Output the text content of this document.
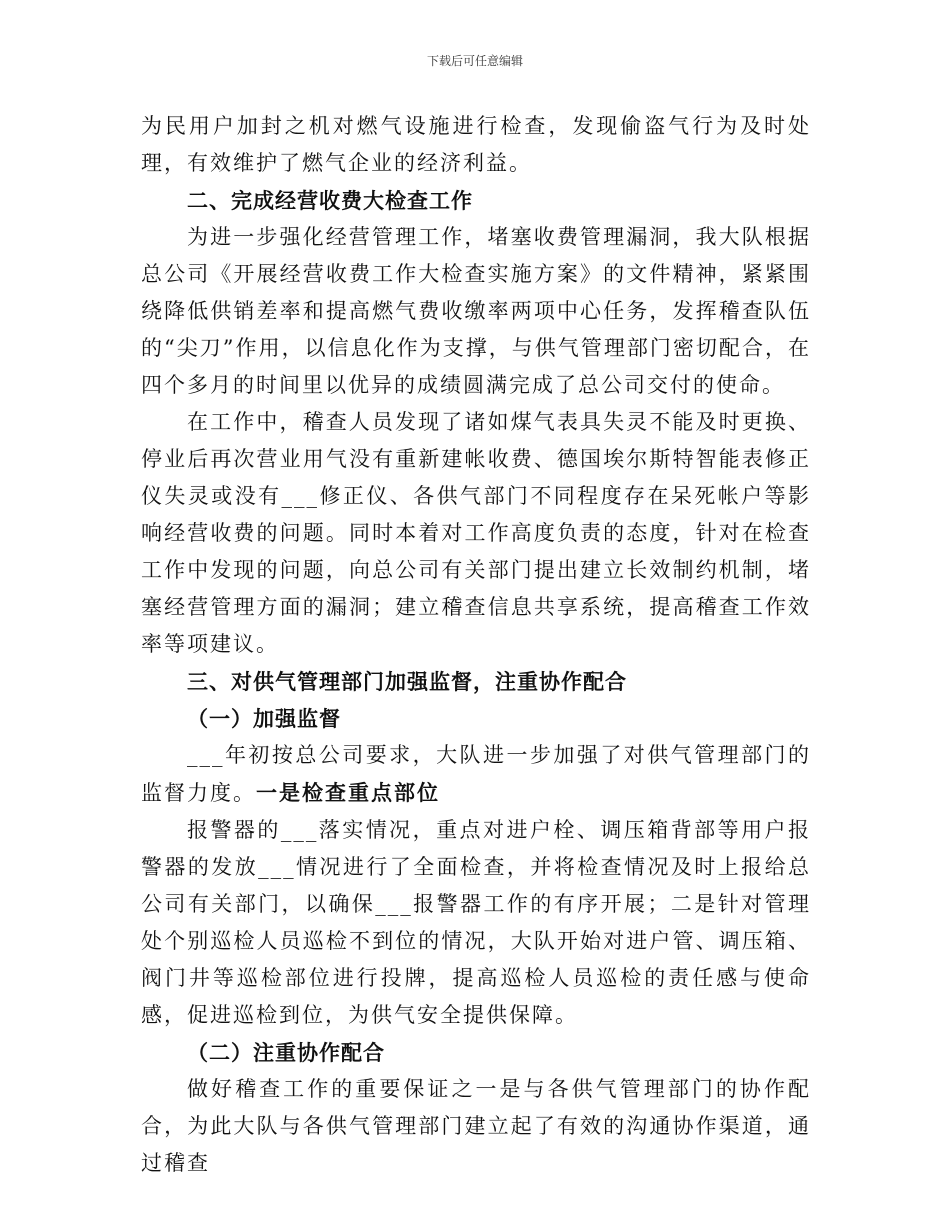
下载后可任意编辑

为民用户加封之机对燃气设施进行检查，发现偷盗气行为及时处理，有效维护了燃气企业的经济利益。

二、完成经营收费大检查工作

为进一步强化经营管理工作，堵塞收费管理漏洞，我大队根据总公司《开展经营收费工作大检查实施方案》的文件精神，紧紧围绕降低供销差率和提高燃气费收缴率两项中心任务，发挥稽查队伍的“尖刀”作用，以信息化作为支撑，与供气管理部门密切配合，在四个多月的时间里以优异的成绩圆满完成了总公司交付的使命。

在工作中，稽查人员发现了诸如煤气表具失灵不能及时更换、停业后再次营业用气没有重新建帐收费、德国埃尔斯特智能表修正仪失灵或没有___修正仪、各供气部门不同程度存在呆死帐户等影响经营收费的问题。同时本着对工作高度负责的态度，针对在检查工作中发现的问题，向总公司有关部门提出建立长效制约机制，堵塞经营管理方面的漏洞；建立稽查信息共享系统，提高稽查工作效率等项建议。

三、对供气管理部门加强监督，注重协作配合

（一）加强监督

___年初按总公司要求，大队进一步加强了对供气管理部门的监督力度。一是检查重点部位

报警器的___落实情况，重点对进户栓、调压箱背部等用户报警器的发放___情况进行了全面检查，并将检查情况及时上报给总公司有关部门，以确保___报警器工作的有序开展；二是针对管理处个别巡检人员巡检不到位的情况，大队开始对进户管、调压箱、阀门井等巡检部位进行投牌，提高巡检人员巡检的责任感与使命感，促进巡检到位，为供气安全提供保障。

（二）注重协作配合

做好稽查工作的重要保证之一是与各供气管理部门的协作配合，为此大队与各供气管理部门建立起了有效的沟通协作渠道，通过稽查
